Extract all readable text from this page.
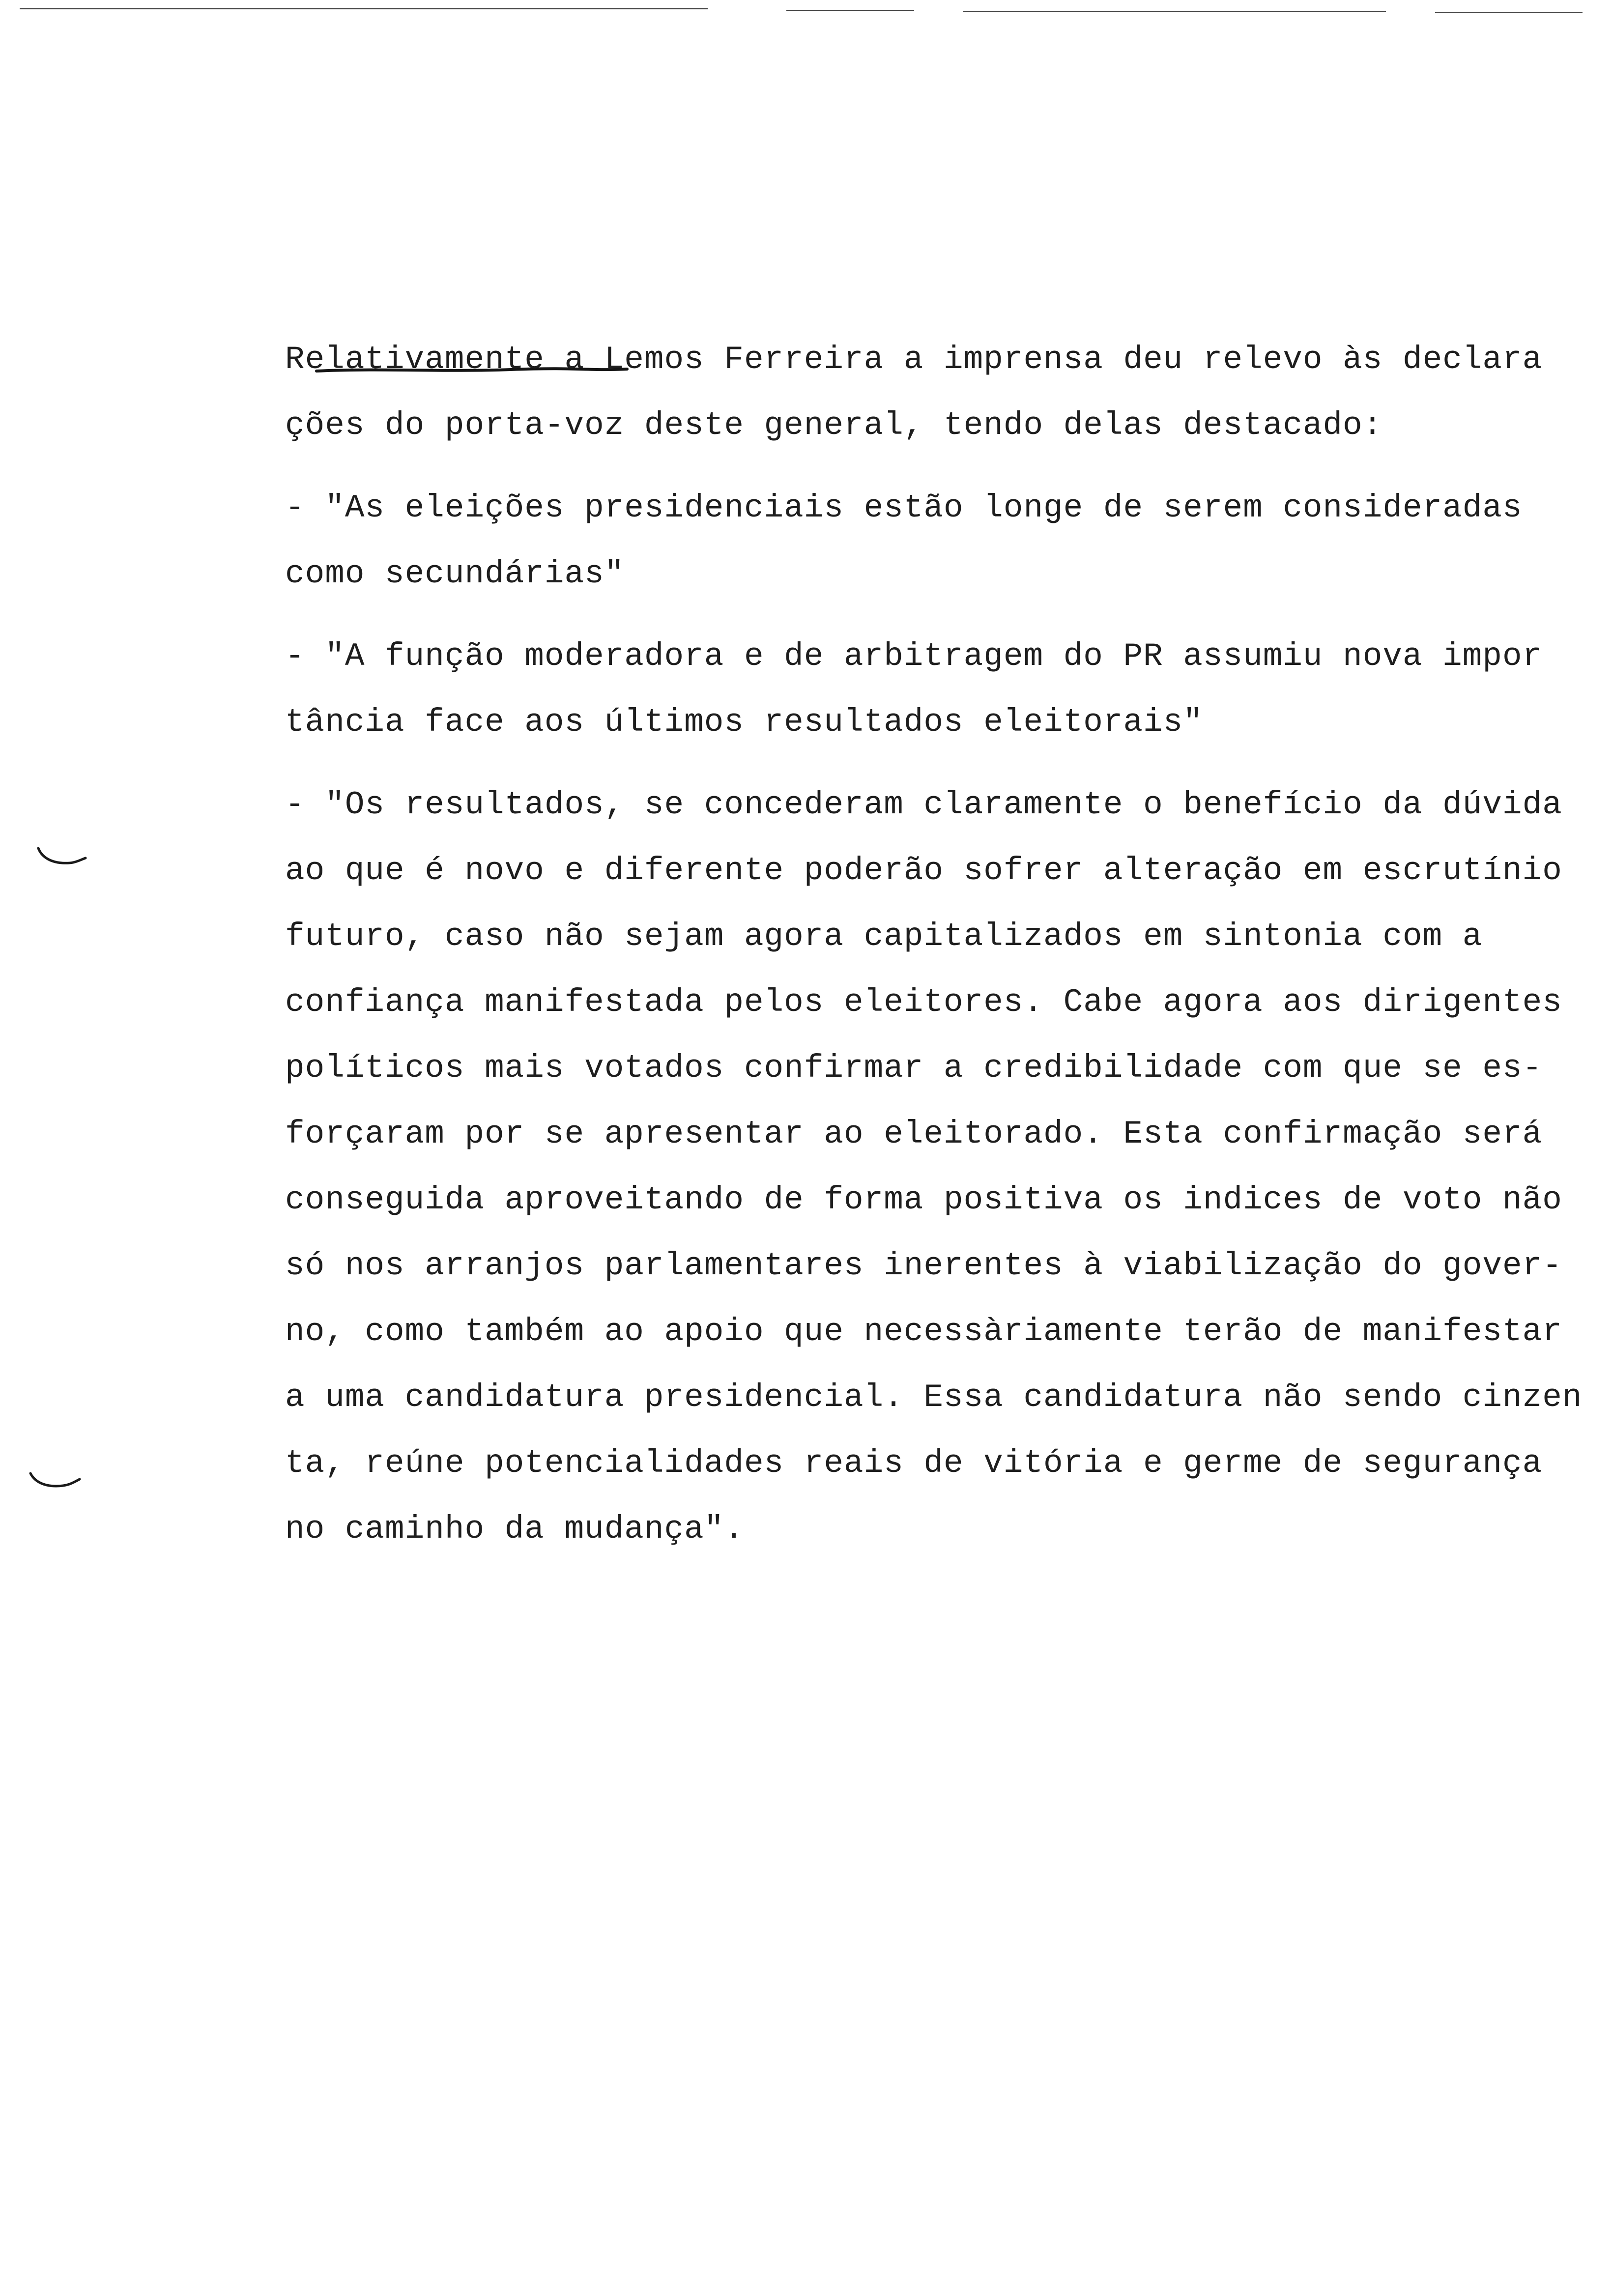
Relativamente a Lemos Ferreira a imprensa deu relevo às declara
ções do porta-voz deste general, tendo delas destacado:
- "As eleições presidenciais estão longe de serem consideradas
como secundárias"
- "A função moderadora e de arbitragem do PR assumiu nova impor
tância face aos últimos resultados eleitorais"
- "Os resultados, se concederam claramente o benefício da dúvida
ao que é novo e diferente poderão sofrer alteração em escrutínio
futuro, caso não sejam agora capitalizados em sintonia com a
confiança manifestada pelos eleitores. Cabe agora aos dirigentes
políticos mais votados confirmar a credibilidade com que se es-
forçaram por se apresentar ao eleitorado. Esta confirmação será
conseguida aproveitando de forma positiva os indices de voto não
só nos arranjos parlamentares inerentes à viabilização do gover-
no, como também ao apoio que necessàriamente terão de manifestar
a uma candidatura presidencial. Essa candidatura não sendo cinzen
ta, reúne potencialidades reais de vitória e germe de segurança
no caminho da mudança".
